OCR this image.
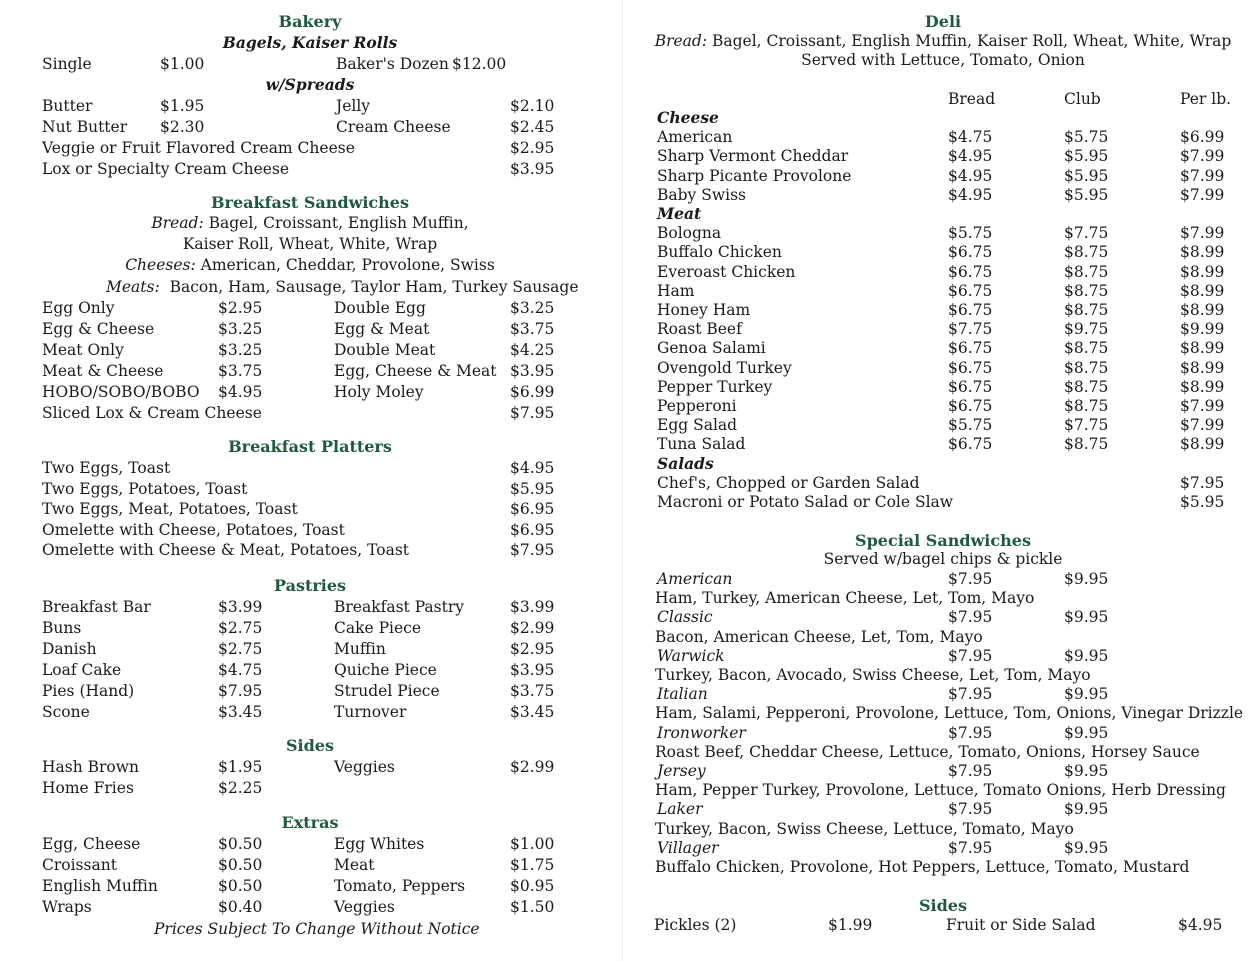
Bakery
Bagels, Kaiser Rolls
Single	$1.00	Baker's Dozen $12.00
w/Spreads
Butter	$1.95	Jelly	$2.10
Nut Butter $2.30	Cream Cheese	$2.45
Veggie or Fruit Flavored Cream Cheese	$2.95
Lox or Specialty Cream Cheese	$3.95
Breakfast Sandwiches
Bread: Bagel, Croissant, English Muffin,
Kaiser Roll, Wheat, White, Wrap
Cheeses: American, Cheddar, Provolone, Swiss
Meats: Bacon, Ham, Sausage, Taylor Ham, Turkey Sausage
Egg Only	$2.95	Double Egg	$3.25
Egg & Cheese	$3.25	Egg & Meat	$3.75
Meat Only	$3.25	Double Meat	$4.25
Meat & Cheese	$3.75	Egg, Cheese & Meat $3.95
HOBO/SOBO/BOBO $4.95	Holy Moley	$6.99
Sliced Lox & Cream Cheese	$7.95
Breakfast Platters
Two Eggs, Toast	$4.95
Two Eggs, Potatoes, Toast	$5.95
Two Eggs, Meat, Potatoes, Toast	$6.95
Omelette with Cheese, Potatoes, Toast	$6.95
Omelette with Cheese & Meat, Potatoes, Toast	$7.95
Pastries
Breakfast Bar	$3.99	Breakfast Pastry	$3.99
Buns	$2.75	Cake Piece	$2.99
Danish	$2.75	Muffin	$2.95
Loaf Cake	$4.75	Quiche Piece	$3.95
Pies (Hand)	$7.95	Strudel Piece	$3.75
Scone	$3.45	Turnover	$3.45
Sides
Hash Brown	$1.95	Veggies	$2.99
Home Fries	$2.25
Extras
Egg, Cheese	$0.50	Egg Whites	$1.00
Croissant	$0.50	Meat	$1.75
English Muffin	$0.50	Tomato, Peppers	$0.95
Wraps	$0.40	Veggies	$1.50
Prices Subject To Change Without Notice
Deli
Bread: Bagel, Croissant, English Muffin, Kaiser Roll, Wheat, White, Wrap
Served with Lettuce, Tomato, Onion
Bread	Club	Per lb.
Cheese
American	$4.75	$5.75	$6.99
Sharp Vermont Cheddar	$4.95	$5.95	$7.99
Sharp Picante Provolone	$4.95	$5.95	$7.99
Baby Swiss	$4.95	$5.95	$7.99
Meat
Bologna	$5.75	$7.75	$7.99
Buffalo Chicken	$6.75	$8.75	$8.99
Everoast Chicken	$6.75	$8.75	$8.99
Ham	$6.75	$8.75	$8.99
Honey Ham	$6.75	$8.75	$8.99
Roast Beef	$7.75	$9.75	$9.99
Genoa Salami	$6.75	$8.75	$8.99
Ovengold Turkey	$6.75	$8.75	$8.99
Pepper Turkey	$6.75	$8.75	$8.99
Pepperoni	$6.75	$8.75	$7.99
Egg Salad	$5.75	$7.75	$7.99
Tuna Salad	$6.75	$8.75	$8.99
Salads
Chef's, Chopped or Garden Salad	$7.95
Macroni or Potato Salad or Cole Slaw	$5.95
Special Sandwiches
Served w/bagel chips & pickle
American	$7.95	$9.95
Ham, Turkey, American Cheese, Let, Tom, Mayo
Classic	$7.95	$9.95
Bacon, American Cheese, Let, Tom, Mayo
Warwick	$7.95	$9.95
Turkey, Bacon, Avocado, Swiss Cheese, Let, Tom, Mayo
Italian	$7.95	$9.95
Ham, Salami, Pepperoni, Provolone, Lettuce, Tom, Onions, Vinegar Drizzle
Ironworker	$7.95	$9.95
Roast Beef, Cheddar Cheese, Lettuce, Tomato, Onions, Horsey Sauce
Jersey	$7.95	$9.95
Ham, Pepper Turkey, Provolone, Lettuce, Tomato Onions, Herb Dressing
Laker	$7.95	$9.95
Turkey, Bacon, Swiss Cheese, Lettuce, Tomato, Mayo
Villager	$7.95	$9.95
Buffalo Chicken, Provolone, Hot Peppers, Lettuce, Tomato, Mustard
Sides
Pickles (2)	$1.99	Fruit or Side Salad	$4.95
